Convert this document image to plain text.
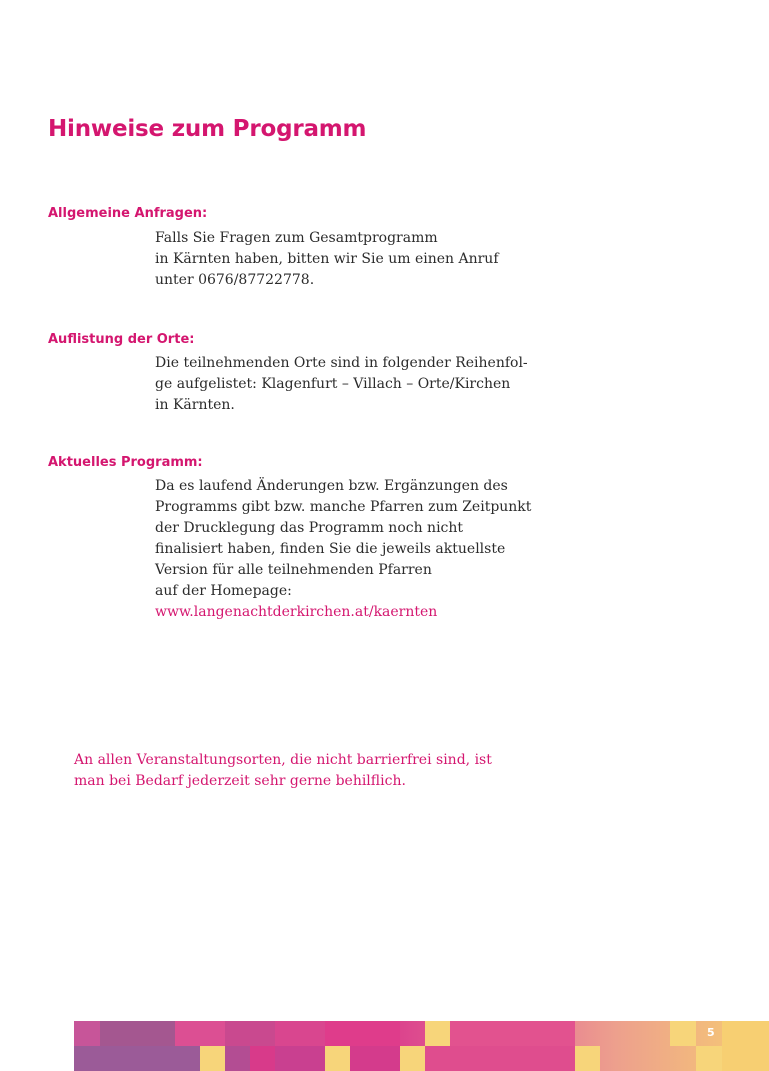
Hinweise zum Programm
Allgemeine Anfragen:
Falls Sie Fragen zum Gesamtprogramm
in Kärnten haben, bitten wir Sie um einen Anruf
unter 0676/87722778.
Auflistung der Orte:
Die teilnehmenden Orte sind in folgender Reihenfol-
ge aufgelistet: Klagenfurt – Villach – Orte/Kirchen
in Kärnten.
Aktuelles Programm:
Da es laufend Änderungen bzw. Ergänzungen des
Programms gibt bzw. manche Pfarren zum Zeitpunkt
der Drucklegung das Programm noch nicht
finalisiert haben, finden Sie die jeweils aktuellste
Version für alle teilnehmenden Pfarren
auf der Homepage:
www.langenachtderkirchen.at/kaernten
An allen Veranstaltungsorten, die nicht barrierfrei sind, ist
man bei Bedarf jederzeit sehr gerne behilflich.
5
